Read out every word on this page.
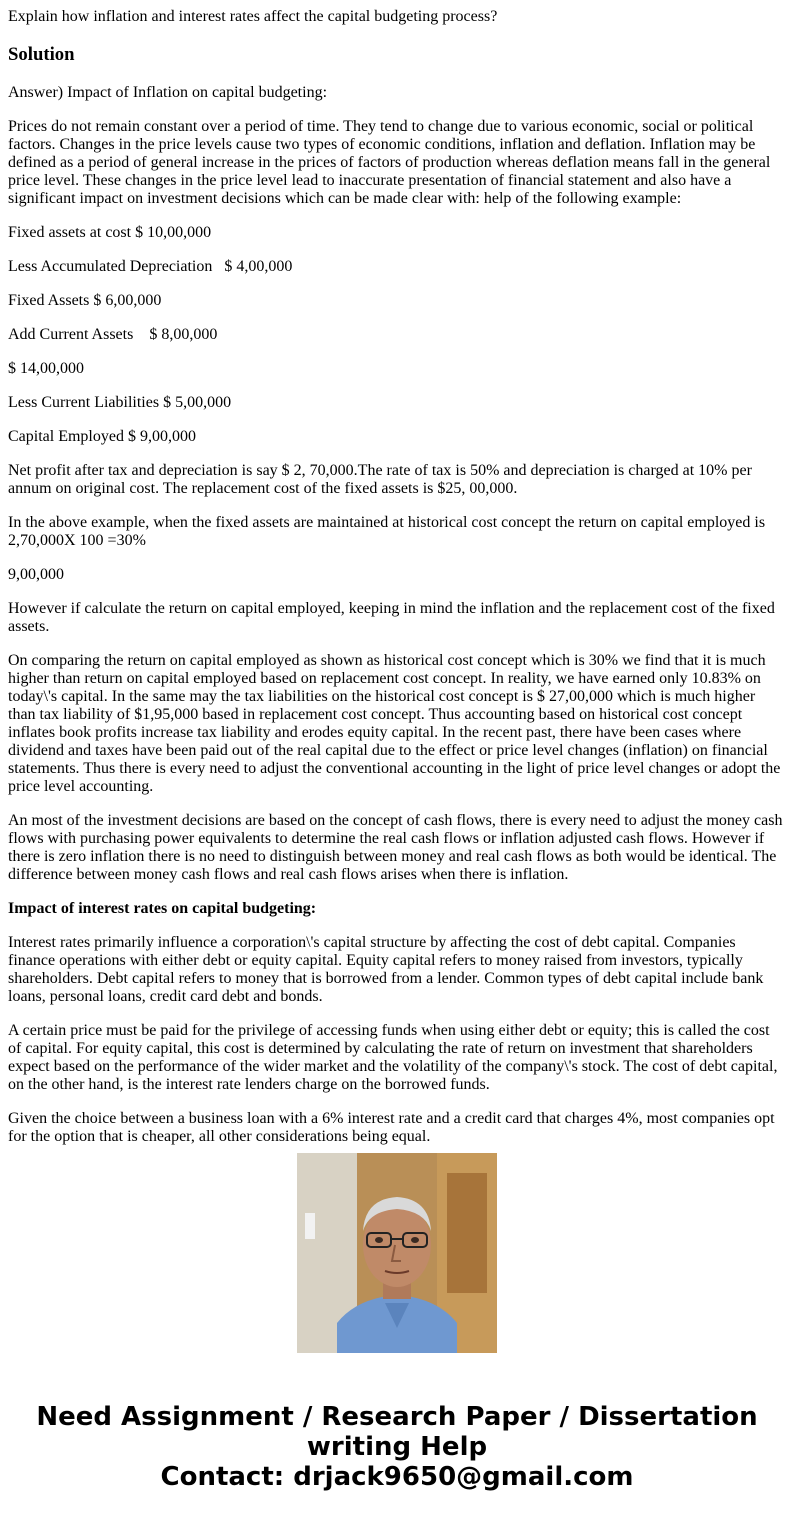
Explain how inflation and interest rates affect the capital budgeting process?

Solution

Answer) Impact of Inflation on capital budgeting:

Prices do not remain constant over a period of time. They tend to change due to various economic, social or political factors. Changes in the price levels cause two types of economic conditions, inflation and deflation. Inflation may be defined as a period of general increase in the prices of factors of production whereas deflation means fall in the general price level. These changes in the price level lead to inaccurate presentation of financial statement and also have a significant impact on investment decisions which can be made clear with: help of the following example:

Fixed assets at cost $ 10,00,000

Less Accumulated Depreciation   $ 4,00,000

Fixed Assets $ 6,00,000

Add Current Assets    $ 8,00,000

$ 14,00,000

Less Current Liabilities $ 5,00,000

Capital Employed $ 9,00,000

Net profit after tax and depreciation is say $ 2, 70,000.The rate of tax is 50% and depreciation is charged at 10% per annum on original cost. The replacement cost of the fixed assets is $25, 00,000.

In the above example, when the fixed assets are maintained at historical cost concept the return on capital employed is 2,70,000X 100 =30%

9,00,000

However if calculate the return on capital employed, keeping in mind the inflation and the replacement cost of the fixed assets.

On comparing the return on capital employed as shown as historical cost concept which is 30% we find that it is much higher than return on capital employed based on replacement cost concept. In reality, we have earned only 10.83% on today\'s capital. In the same may the tax liabilities on the historical cost concept is $ 27,00,000 which is much higher than tax liability of $1,95,000 based in replacement cost concept. Thus accounting based on historical cost concept inflates book profits increase tax liability and erodes equity capital. In the recent past, there have been cases where dividend and taxes have been paid out of the real capital due to the effect or price level changes (inflation) on financial statements. Thus there is every need to adjust the conventional accounting in the light of price level changes or adopt the price level accounting.

An most of the investment decisions are based on the concept of cash flows, there is every need to adjust the money cash flows with purchasing power equivalents to determine the real cash flows or inflation adjusted cash flows. However if there is zero inflation there is no need to distinguish between money and real cash flows as both would be identical. The difference between money cash flows and real cash flows arises when there is inflation.

Impact of interest rates on capital budgeting:

Interest rates primarily influence a corporation\'s capital structure by affecting the cost of debt capital. Companies finance operations with either debt or equity capital. Equity capital refers to money raised from investors, typically shareholders. Debt capital refers to money that is borrowed from a lender. Common types of debt capital include bank loans, personal loans, credit card debt and bonds.

A certain price must be paid for the privilege of accessing funds when using either debt or equity; this is called the cost of capital. For equity capital, this cost is determined by calculating the rate of return on investment that shareholders expect based on the performance of the wider market and the volatility of the company\'s stock. The cost of debt capital, on the other hand, is the interest rate lenders charge on the borrowed funds.

Given the choice between a business loan with a 6% interest rate and a credit card that charges 4%, most companies opt for the option that is cheaper, all other considerations being equal.

Need Assignment / Research Paper / Dissertation
writing Help
Contact: drjack9650@gmail.com
